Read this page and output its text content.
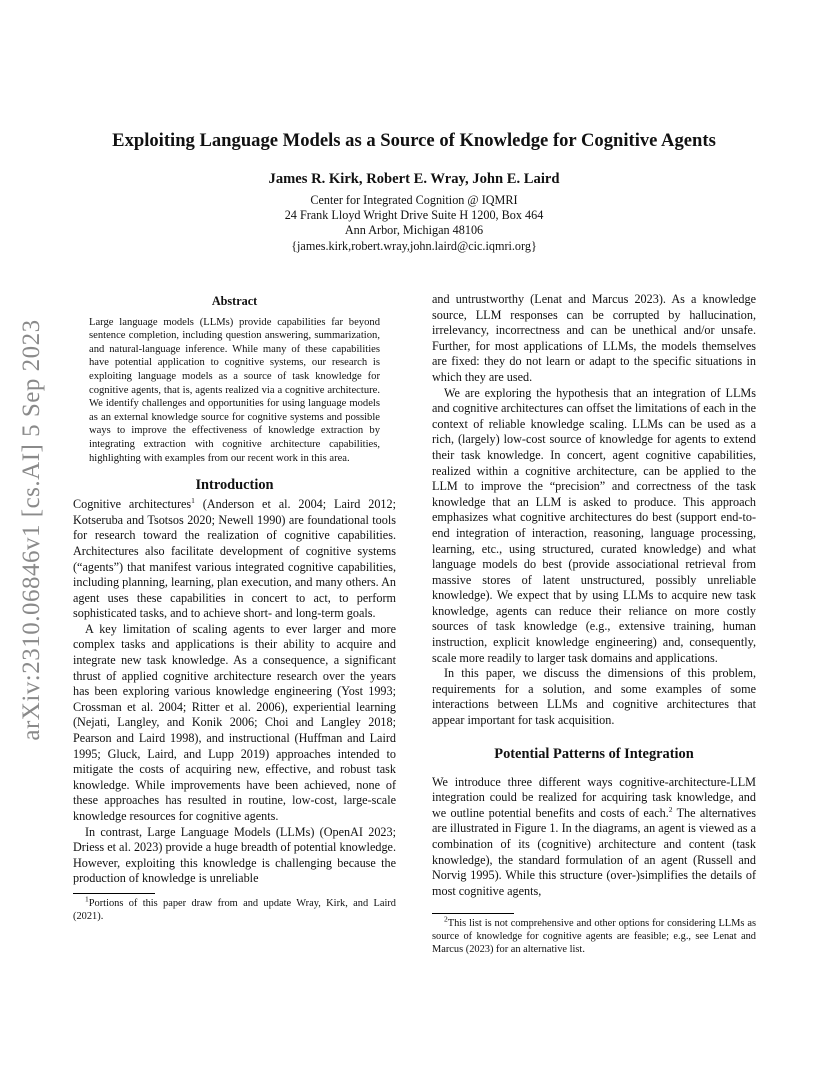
arXiv:2310.06846v1 [cs.AI] 5 Sep 2023
Exploiting Language Models as a Source of Knowledge for Cognitive Agents
James R. Kirk, Robert E. Wray, John E. Laird
Center for Integrated Cognition @ IQMRI
24 Frank Lloyd Wright Drive Suite H 1200, Box 464
Ann Arbor, Michigan 48106
{james.kirk,robert.wray,john.laird@cic.iqmri.org}
Abstract

Large language models (LLMs) provide capabilities far beyond sentence completion, including question answering, summarization, and natural-language inference. While many of these capabilities have potential application to cognitive systems, our research is exploiting language models as a source of task knowledge for cognitive agents, that is, agents realized via a cognitive architecture. We identify challenges and opportunities for using language models as an external knowledge source for cognitive systems and possible ways to improve the effectiveness of knowledge extraction by integrating extraction with cognitive architecture capabilities, highlighting with examples from our recent work in this area.

Introduction

Cognitive architectures$^1$ (Anderson et al. 2004; Laird 2012; Kotseruba and Tsotsos 2020; Newell 1990) are foundational tools for research toward the realization of cognitive capabilities. Architectures also facilitate development of cognitive systems (“agents”) that manifest various integrated cognitive capabilities, including planning, learning, plan execution, and many others. An agent uses these capabilities in concert to act, to perform sophisticated tasks, and to achieve short- and long-term goals.

A key limitation of scaling agents to ever larger and more complex tasks and applications is their ability to acquire and integrate new task knowledge. As a consequence, a significant thrust of applied cognitive architecture research over the years has been exploring various knowledge engineering (Yost 1993; Crossman et al. 2004; Ritter et al. 2006), experiential learning (Nejati, Langley, and Konik 2006; Choi and Langley 2018; Pearson and Laird 1998), and instructional (Huffman and Laird 1995; Gluck, Laird, and Lupp 2019) approaches intended to mitigate the costs of acquiring new, effective, and robust task knowledge. While improvements have been achieved, none of these approaches has resulted in routine, low-cost, large-scale knowledge resources for cognitive agents.

In contrast, Large Language Models (LLMs) (OpenAI 2023; Driess et al. 2023) provide a huge breadth of potential knowledge. However, exploiting this knowledge is challenging because the production of knowledge is unreliable

$^1$Portions of this paper draw from and update Wray, Kirk, and Laird (2021).

and untrustworthy (Lenat and Marcus 2023). As a knowledge source, LLM responses can be corrupted by hallucination, irrelevancy, incorrectness and can be unethical and/or unsafe. Further, for most applications of LLMs, the models themselves are fixed: they do not learn or adapt to the specific situations in which they are used.

We are exploring the hypothesis that an integration of LLMs and cognitive architectures can offset the limitations of each in the context of reliable knowledge scaling. LLMs can be used as a rich, (largely) low-cost source of knowledge for agents to extend their task knowledge. In concert, agent cognitive capabilities, realized within a cognitive architecture, can be applied to the LLM to improve the “precision” and correctness of the task knowledge that an LLM is asked to produce. This approach emphasizes what cognitive architectures do best (support end-to-end integration of interaction, reasoning, language processing, learning, etc., using structured, curated knowledge) and what language models do best (provide associational retrieval from massive stores of latent unstructured, possibly unreliable knowledge). We expect that by using LLMs to acquire new task knowledge, agents can reduce their reliance on more costly sources of task knowledge (e.g., extensive training, human instruction, explicit knowledge engineering) and, consequently, scale more readily to larger task domains and applications.

In this paper, we discuss the dimensions of this problem, requirements for a solution, and some examples of some interactions between LLMs and cognitive architectures that appear important for task acquisition.

Potential Patterns of Integration

We introduce three different ways cognitive-architecture-LLM integration could be realized for acquiring task knowledge, and we outline potential benefits and costs of each.$^2$ The alternatives are illustrated in Figure 1. In the diagrams, an agent is viewed as a combination of its (cognitive) architecture and content (task knowledge), the standard formulation of an agent (Russell and Norvig 1995). While this structure (over-)simplifies the details of most cognitive agents,

$^2$This list is not comprehensive and other options for considering LLMs as source of knowledge for cognitive agents are feasible; e.g., see Lenat and Marcus (2023) for an alternative list.
